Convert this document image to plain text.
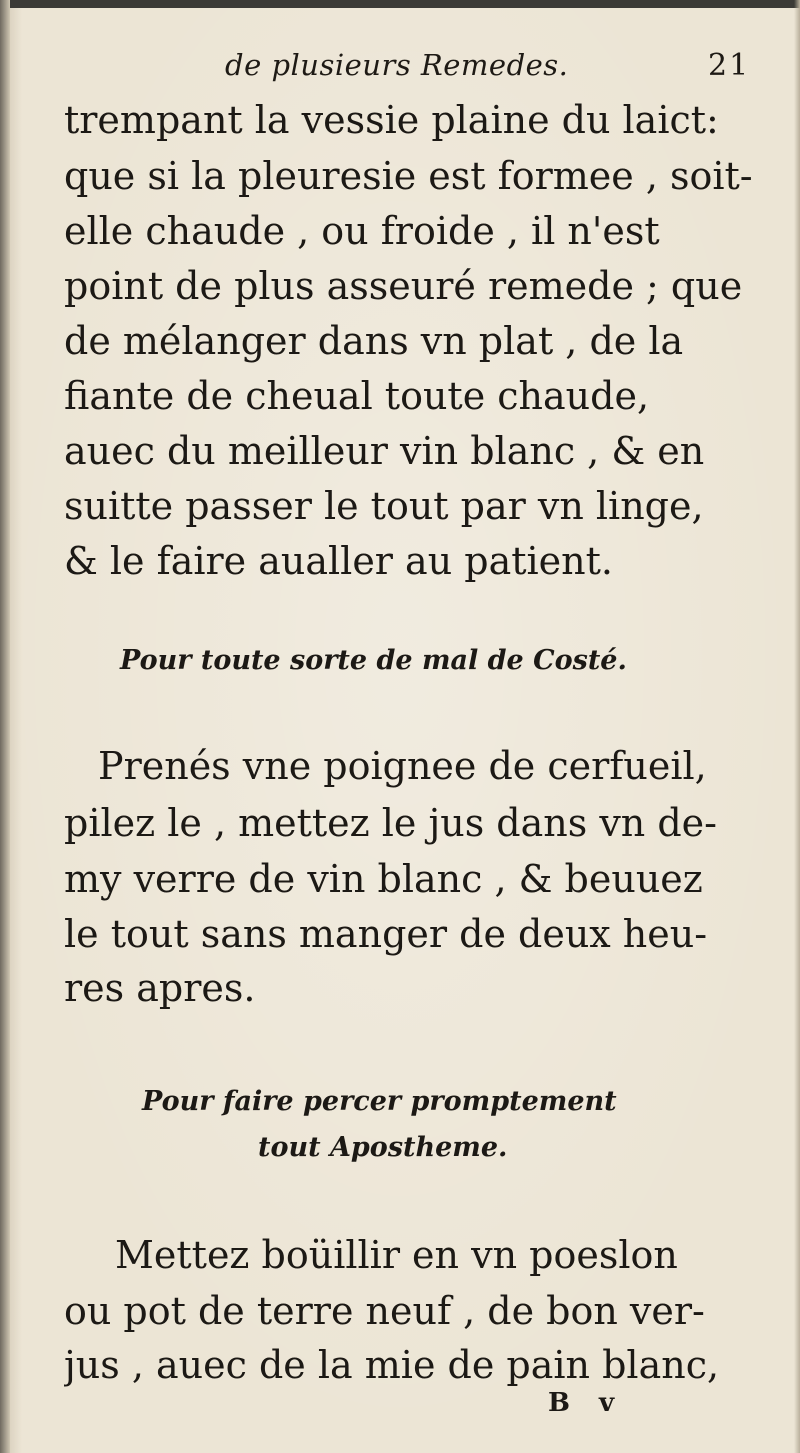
de plusieurs Remedes.	21
trempant la vessie plaine du laict:
que si la pleuresie est formee , soit-
elle chaude , ou froide , il n'est
point de plus asseuré remede ; que
de mélanger dans vn plat , de la
fiante de cheual toute chaude,
auec du meilleur vin blanc , & en
suitte passer le tout par vn linge,
& le faire aualler au patient.
Pour toute sorte de mal de Costé.
Prenés vne poignee de cerfueil,
pilez le , mettez le jus dans vn de-
my verre de vin blanc , & beuuez
le tout sans manger de deux heu-
res apres.
Pour faire percer promptement
tout Apostheme.
Mettez boüillir en vn poeslon
ou pot de terre neuf , de bon ver-
jus , auec de la mie de pain blanc,
B v
